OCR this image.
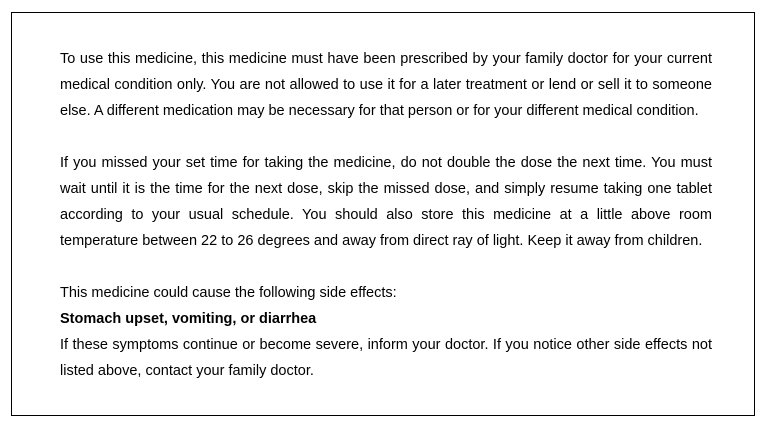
To use this medicine, this medicine must have been prescribed by your family doctor for your current medical condition only. You are not allowed to use it for a later treatment or lend or sell it to someone else. A different medication may be necessary for that person or for your different medical condition.

If you missed your set time for taking the medicine, do not double the dose the next time. You must wait until it is the time for the next dose, skip the missed dose, and simply resume taking one tablet according to your usual schedule. You should also store this medicine at a little above room temperature between 22 to 26 degrees and away from direct ray of light. Keep it away from children.

This medicine could cause the following side effects:

Stomach upset, vomiting, or diarrhea

If these symptoms continue or become severe, inform your doctor. If you notice other side effects not listed above, contact your family doctor.
